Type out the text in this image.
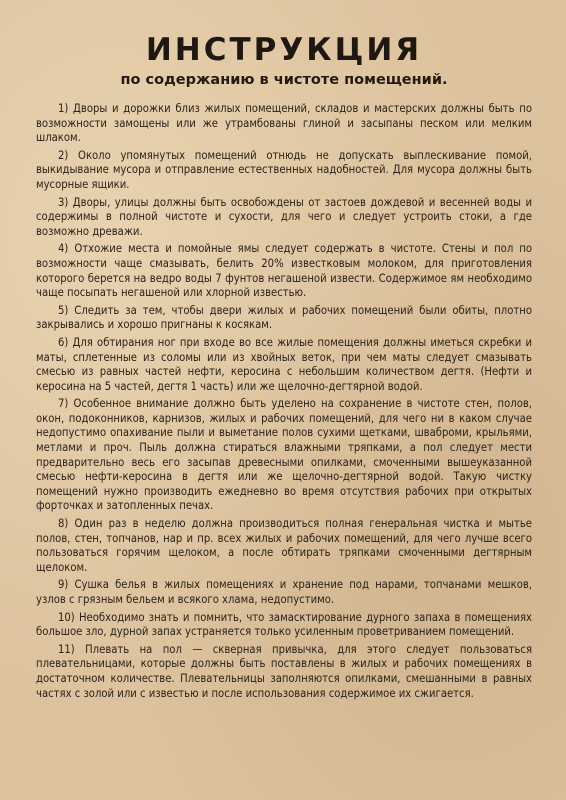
ИНСТРУКЦИЯ
по содержанию в чистоте помещений.

1) Дворы и дорожки близ жилых помещений, складов и мастерских должны быть по возможности замощены или же утрамбованы глиной и засыпаны песком или мелким шлаком.

2) Около упомянутых помещений отнюдь не допускать выплескивание помой, выкидывание мусора и отправление естественных надобностей. Для мусора должны быть мусорные ящики.

3) Дворы, улицы должны быть освобождены от застоев дождевой и весенней воды и содержимы в полной чистоте и сухости, для чего и следует устроить стоки, а где возможно древажи.

4) Отхожие места и помойные ямы следует содержать в чистоте. Стены и пол по возможности чаще смазывать, белить 20% известковым молоком, для приготовления которого берется на ведро воды 7 фунтов негашеной извести. Содержимое ям необходимо чаще посыпать негашеной или хлорной известью.

5) Следить за тем, чтобы двери жилых и рабочих помещений были обиты, плотно закрывались и хорошо пригнаны к косякам.

6) Для обтирания ног при входе во все жилые помещения должны иметься скребки и маты, сплетенные из соломы или из хвойных веток, при чем маты следует смазывать смесью из равных частей нефти, керосина с небольшим количеством дегтя. (Нефти и керосина на 5 частей, дегтя 1 часть) или же щелочно-дегтярной водой.

7) Особенное внимание должно быть уделено на сохранение в чистоте стен, полов, окон, подоконников, карнизов, жилых и рабочих помещений, для чего ни в каком случае недопустимо опахивание пыли и выметание полов сухими щетками, шваброми, крыльями, метлами и проч. Пыль должна стираться влажными тряпками, а пол следует мести предварительно весь его засыпав древесными опилками, смоченными вышеуказанной смесью нефти-керосина в дегтя или же щелочно-дегтярной водой. Такую чистку помещений нужно производить ежедневно во время отсутствия рабочих при открытых форточках и затопленных печах.

8) Один раз в неделю должна производиться полная генеральная чистка и мытье полов, стен, топчанов, нар и пр. всех жилых и рабочих помещений, для чего лучше всего пользоваться горячим щелоком, а после обтирать тряпками смоченными дегтярным щелоком.

9) Сушка белья в жилых помещениях и хранение под нарами, топчанами мешков, узлов с грязным бельем и всякого хлама, недопустимо.

10) Необходимо знать и помнить, что замасктирование дурного запаха в помещениях большое зло, дурной запах устраняется только усиленным проветриванием помещений.

11) Плевать на пол — скверная привычка, для этого следует пользоваться плевательницами, которые должны быть поставлены в жилых и рабочих помещениях в достаточном количестве. Плевательницы заполняются опилками, смешанными в равных частях с золой или с известью и после использования содержимое их сжигается.
